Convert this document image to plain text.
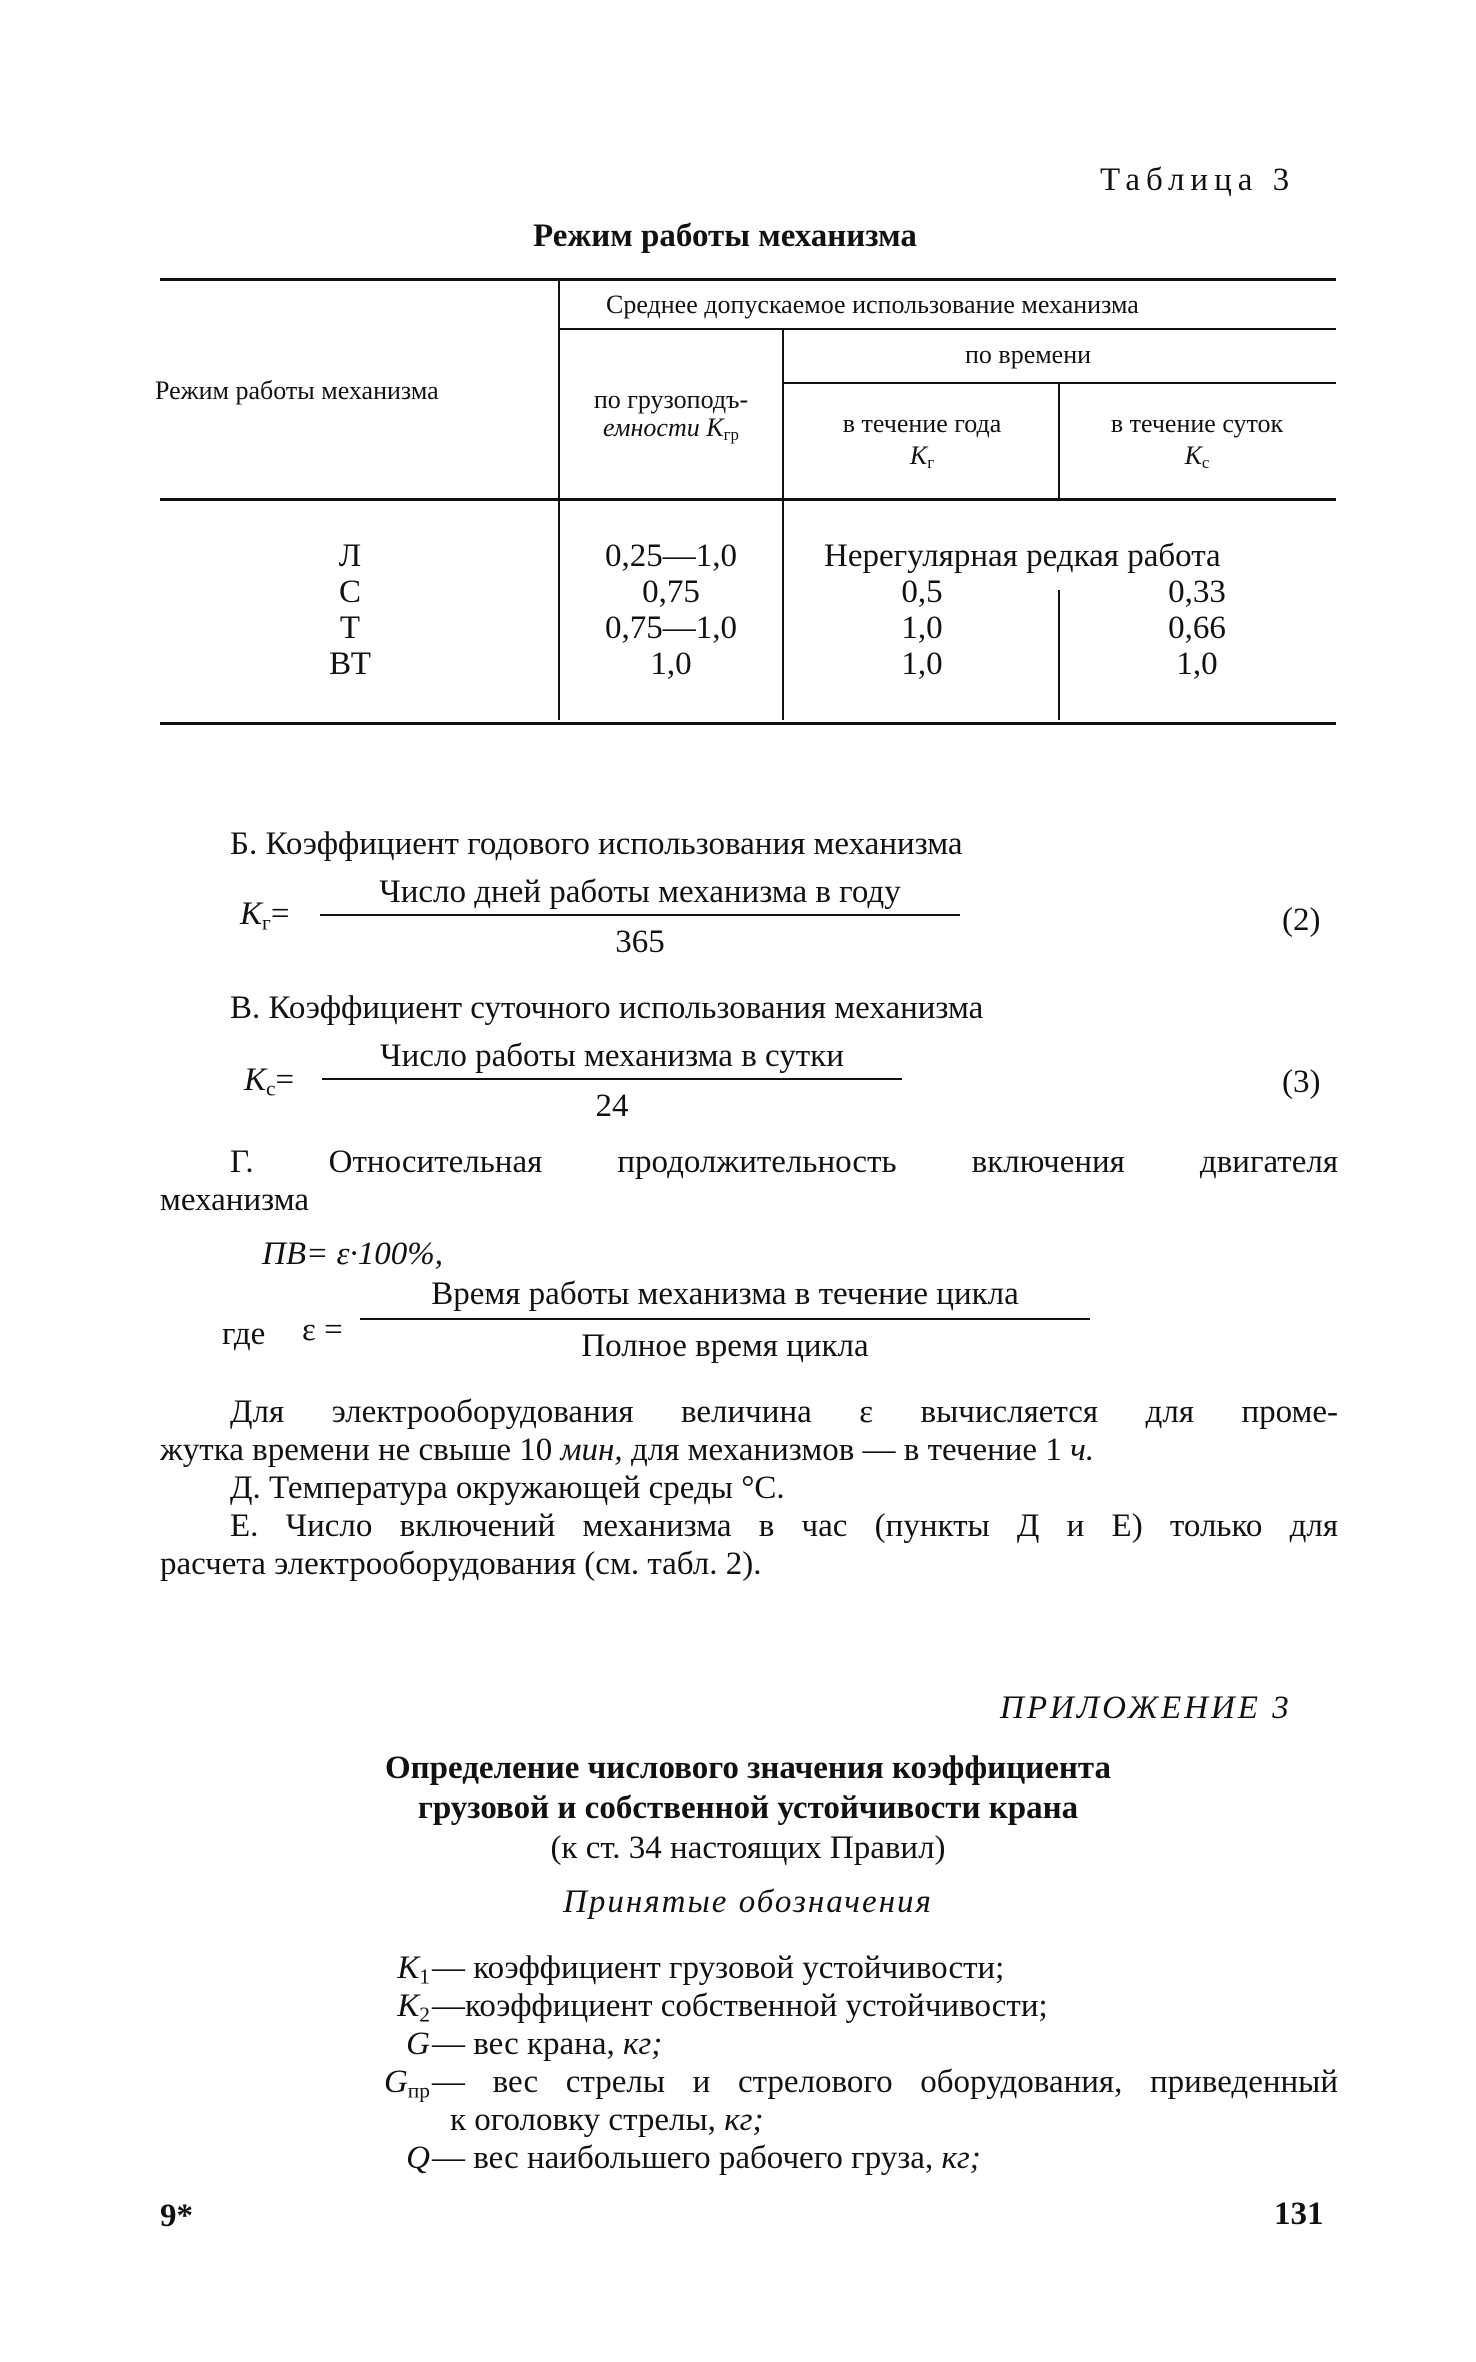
Таблица 3
Режим работы механизма
Режим работы механизма
Среднее допускаемое использование механизма
по времени
по грузоподъ-
емности $K_{гр}$	в течение года
$K_г$
в течение суток
$K_с$
Л
С
Т
ВТ
0,25—1,0
0,75
0,75—1,0
1,0
Нерегулярная редкая работа
0,5
1,0
1,0
0,33
0,66
1,0
Б. Коэффициент годового использования механизма
$K_г=$
Число дней работы механизма в году
365
(2)
В. Коэффициент суточного использования механизма
$K_с=$
Число работы механизма в сутки
24
(3)
Г. Относительная продолжительность включения двигателя
механизма
ПВ= ε·100%,
где ε =
Время работы механизма в течение цикла
Полное время цикла
Для электрооборудования величина ε вычисляется для проме-
жутка времени не свыше 10 мин, для механизмов — в течение 1 ч.
Д. Температура окружающей среды °С.
Е. Число включений механизма в час (пункты Д и Е) только для
расчета электрооборудования (см. табл. 2).
ПРИЛОЖЕНИЕ 3
Определение числового значения коэффициента
грузовой и собственной устойчивости крана
(к ст. 34 настоящих Правил)
Принятые обозначения
$K_1$ — коэффициент грузовой устойчивости;
$K_2$ —коэффициент собственной устойчивости;
G — вес крана, кг;
$G_{пр}$ — вес стрелы и стрелового оборудования, приведенный
к оголовку стрелы, кг;
Q — вес наибольшего рабочего груза, кг;
9*	131
